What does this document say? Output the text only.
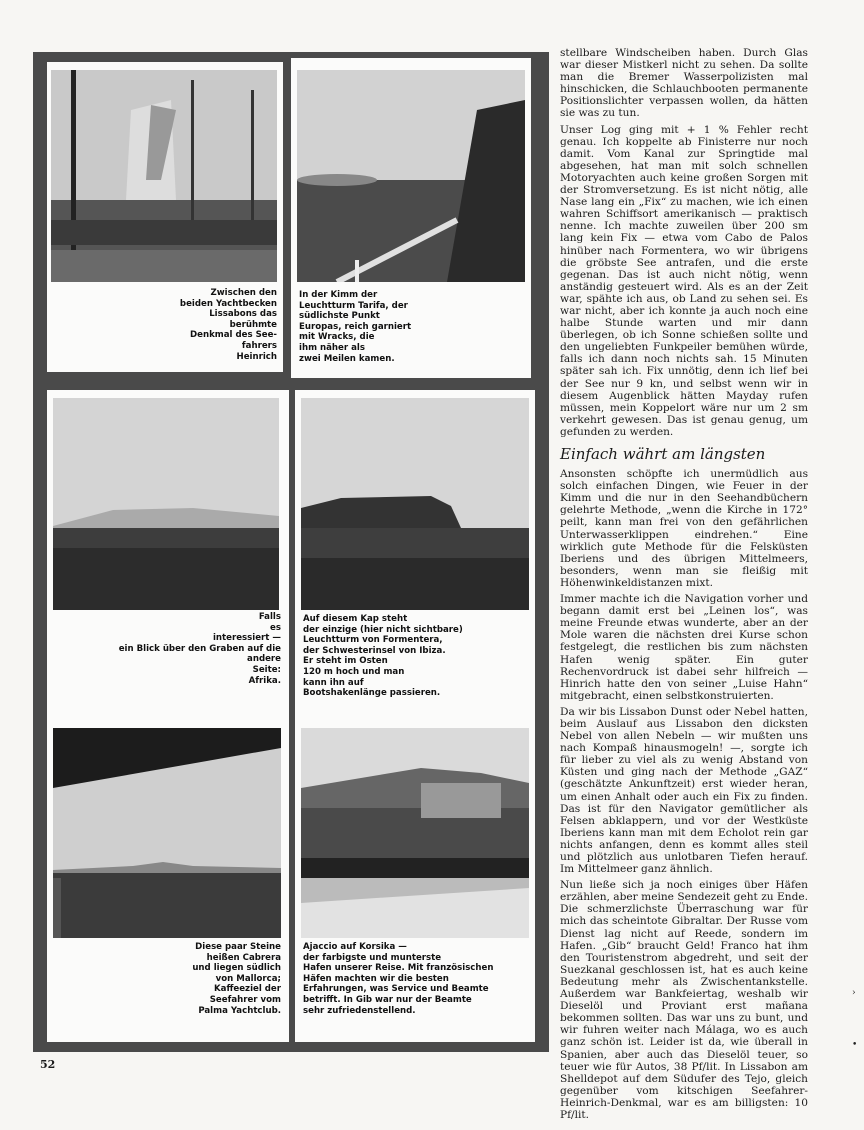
Zwischen den
beiden Yachtbecken
Lissabons das
berühmte
Denkmal des See-
fahrers
Heinrich
In der Kimm der
Leuchtturm Tarifa, der
südlichste Punkt
Europas, reich garniert
mit Wracks, die
ihm näher als
zwei Meilen kamen.
Falls
es
interessiert —
ein Blick über den Graben auf die
andere
Seite:
Afrika.
Auf diesem Kap steht
der einzige (hier nicht sichtbare)
Leuchtturm von Formentera,
der Schwesterinsel von Ibiza.
Er steht im Osten
120 m hoch und man
kann ihn auf
Bootshakenlänge passieren.
Diese paar Steine
heißen Cabrera
und liegen südlich
von Mallorca;
Kaffeeziel der
Seefahrer vom
Palma Yachtclub.
Ajaccio auf Korsika —
der farbigste und munterste
Hafen unserer Reise. Mit französischen
Häfen machten wir die besten
Erfahrungen, was Service und Beamte
betrifft. In Gib war nur der Beamte
sehr zufriedenstellend.

stellbare Windscheiben haben. Durch Glas war dieser Mistkerl nicht zu sehen. Da sollte man die Bremer Wasserpolizisten mal hinschicken, die Schlauchbooten permanente Positionslichter verpassen wollen, da hätten sie was zu tun.

Unser Log ging mit + 1 % Fehler recht genau. Ich koppelte ab Finisterre nur noch damit. Vom Kanal zur Springtide mal abgesehen, hat man mit solch schnellen Motoryachten auch keine großen Sorgen mit der Stromversetzung. Es ist nicht nötig, alle Nase lang ein „Fix“ zu machen, wie ich einen wahren Schiffsort amerikanisch — praktisch nenne. Ich machte zuweilen über 200 sm lang kein Fix — etwa vom Cabo de Palos hinüber nach Formentera, wo wir übrigens die gröbste See antrafen, und die erste gegenan. Das ist auch nicht nötig, wenn anständig gesteuert wird. Als es an der Zeit war, spähte ich aus, ob Land zu sehen sei. Es war nicht, aber ich konnte ja auch noch eine halbe Stunde warten und mir dann überlegen, ob ich Sonne schießen sollte und den ungeliebten Funkpeiler bemühen würde, falls ich dann noch nichts sah. 15 Minuten später sah ich. Fix unnötig, denn ich lief bei der See nur 9 kn, und selbst wenn wir in diesem Augenblick hätten Mayday rufen müssen, mein Koppelort wäre nur um 2 sm verkehrt gewesen. Das ist genau genug, um gefunden zu werden.

Einfach währt am längsten

Ansonsten schöpfte ich unermüdlich aus solch einfachen Dingen, wie Feuer in der Kimm und die nur in den Seehandbüchern gelehrte Methode, „wenn die Kirche in 172° peilt, kann man frei von den gefährlichen Unterwasserklippen eindrehen.“ Eine wirklich gute Methode für die Felsküsten Iberiens und des übrigen Mittelmeers, besonders, wenn man sie fleißig mit Höhenwinkeldistanzen mixt.

Immer machte ich die Navigation vorher und begann damit erst bei „Leinen los“, was meine Freunde etwas wunderte, aber an der Mole waren die nächsten drei Kurse schon festgelegt, die restlichen bis zum nächsten Hafen wenig später. Ein guter Rechenvordruck ist dabei sehr hilfreich — Hinrich hatte den von seiner „Luise Hahn“ mitgebracht, einen selbstkonstruierten.

Da wir bis Lissabon Dunst oder Nebel hatten, beim Auslauf aus Lissabon den dicksten Nebel von allen Nebeln — wir mußten uns nach Kompaß hinausmogeln! —, sorgte ich für lieber zu viel als zu wenig Abstand von Küsten und ging nach der Methode „GAZ“ (geschätzte Ankunftzeit) erst wieder heran, um einen Anhalt oder auch ein Fix zu finden. Das ist für den Navigator gemütlicher als Felsen abklappern, und vor der Westküste Iberiens kann man mit dem Echolot rein gar nichts anfangen, denn es kommt alles steil und plötzlich aus unlotbaren Tiefen herauf. Im Mittelmeer ganz ähnlich.

Nun ließe sich ja noch einiges über Häfen erzählen, aber meine Sendezeit geht zu Ende. Die schmerzlichste Überraschung war für mich das scheintote Gibraltar. Der Russe vom Dienst lag nicht auf Reede, sondern im Hafen. „Gib“ braucht Geld! Franco hat ihm den Touristenstrom abgedreht, und seit der Suezkanal geschlossen ist, hat es auch keine Bedeutung mehr als Zwischentankstelle. Außerdem war Bankfeiertag, weshalb wir Dieselöl und Proviant erst mañana bekommen sollten. Das war uns zu bunt, und wir fuhren weiter nach Málaga, wo es auch ganz schön ist. Leider ist da, wie überall in Spanien, aber auch das Dieselöl teuer, so teuer wie für Autos, 38 Pf/lit. In Lissabon am Shelldepot auf dem Südufer des Tejo, gleich gegenüber vom kitschigen Seefahrer-Heinrich-Denkmal, war es am billigsten: 10 Pf/lit.

52
›
•
